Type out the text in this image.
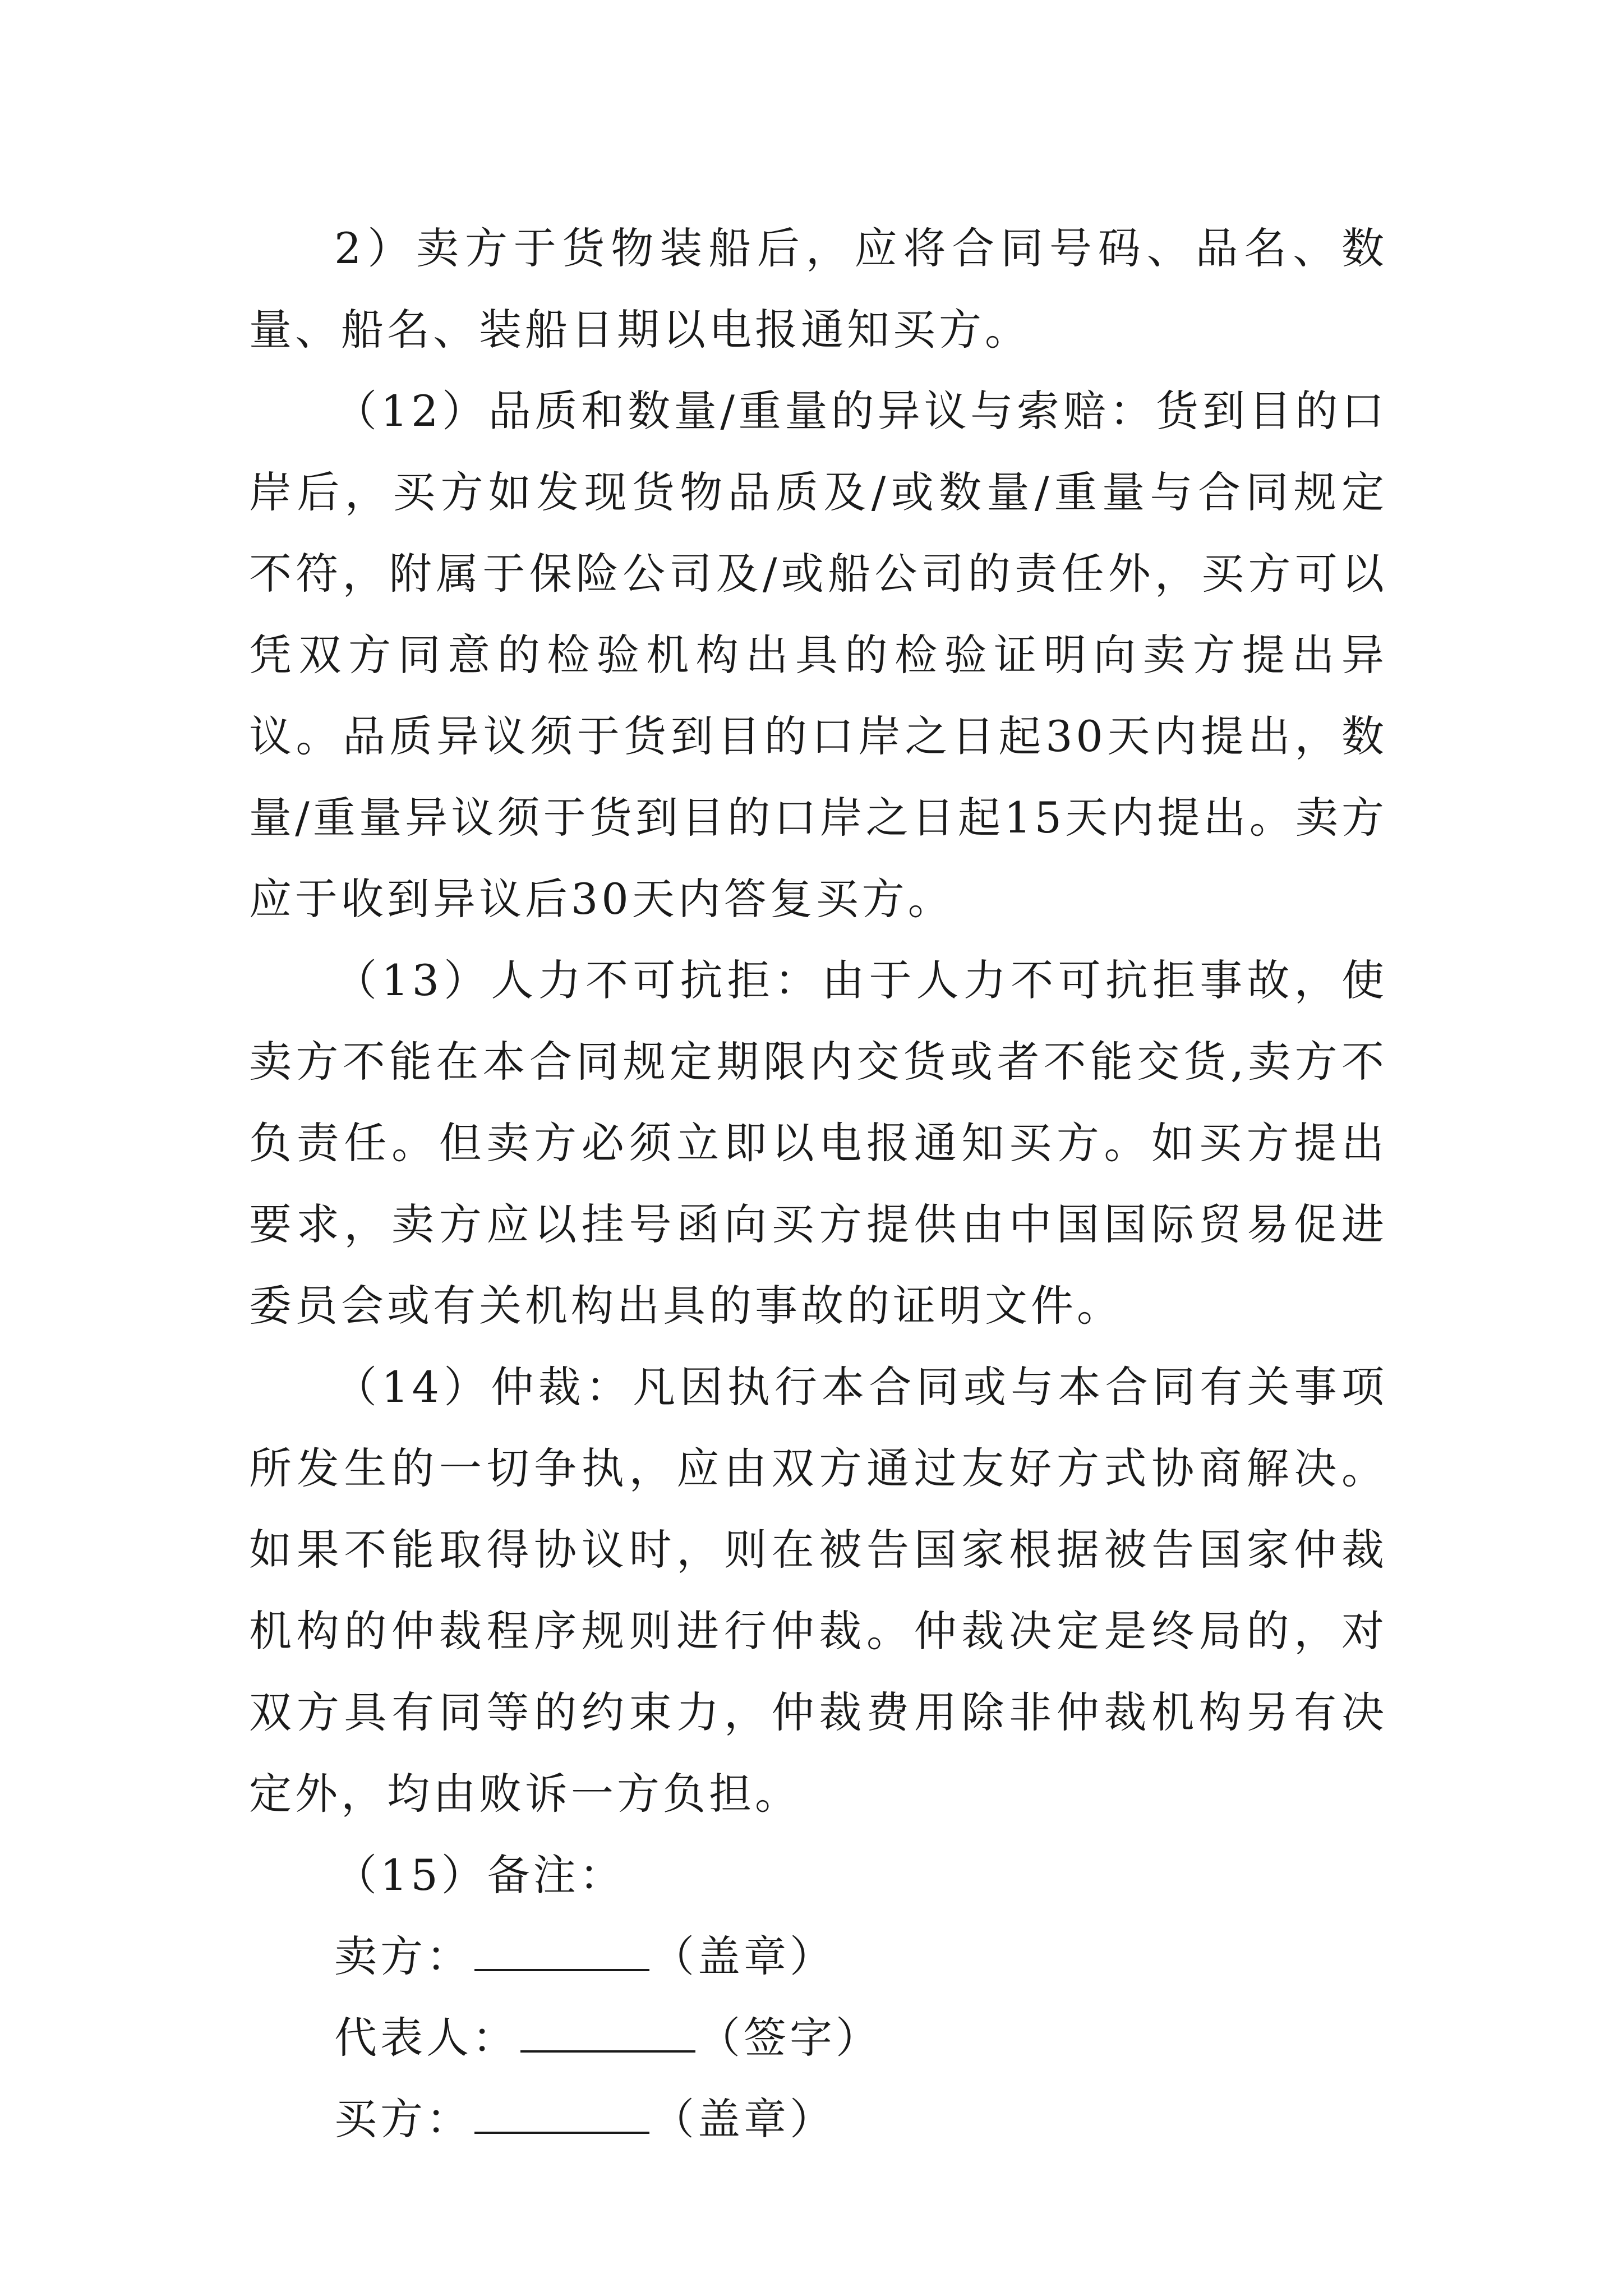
2）卖方于货物装船后，应将合同号码、品名、数量、船名、装船日期以电报通知买方。

（12）品质和数量/重量的异议与索赔：货到目的口岸后，买方如发现货物品质及/或数量/重量与合同规定不符，附属于保险公司及/或船公司的责任外，买方可以凭双方同意的检验机构出具的检验证明向卖方提出异议。品质异议须于货到目的口岸之日起30天内提出，数量/重量异议须于货到目的口岸之日起15天内提出。卖方应于收到异议后30天内答复买方。

（13）人力不可抗拒：由于人力不可抗拒事故，使卖方不能在本合同规定期限内交货或者不能交货,卖方不负责任。但卖方必须立即以电报通知买方。如买方提出要求，卖方应以挂号函向买方提供由中国国际贸易促进委员会或有关机构出具的事故的证明文件。

（14）仲裁：凡因执行本合同或与本合同有关事项所发生的一切争执，应由双方通过友好方式协商解决。如果不能取得协议时，则在被告国家根据被告国家仲裁机构的仲裁程序规则进行仲裁。仲裁决定是终局的，对双方具有同等的约束力，仲裁费用除非仲裁机构另有决定外，均由败诉一方负担。

（15）备注：

卖方：	（盖章）

代表人：	（签字）

买方：	（盖章）
